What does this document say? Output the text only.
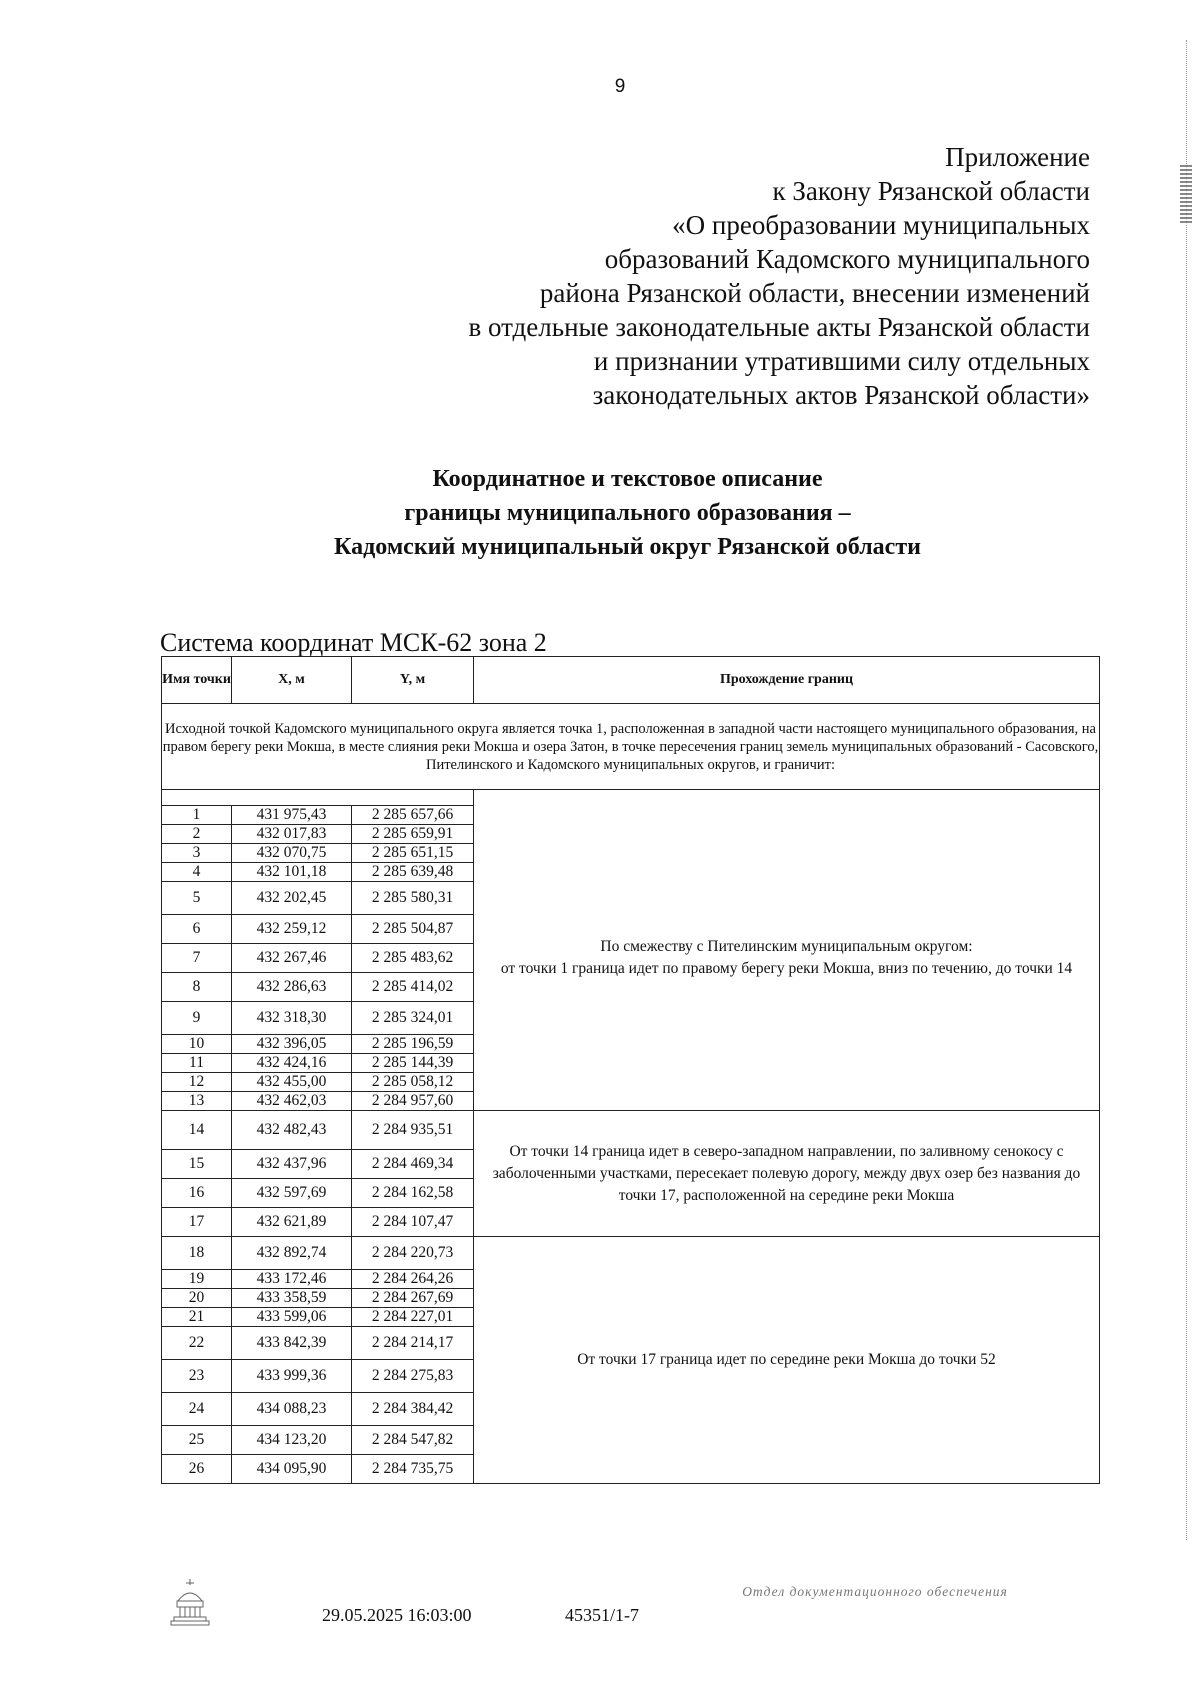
9
Приложение
к Закону Рязанской области
«О преобразовании муниципальных
образований Кадомского муниципального
района Рязанской области, внесении изменений
в отдельные законодательные акты Рязанской области
и признании утратившими силу отдельных
законодательных актов Рязанской области»
Координатное и текстовое описание
границы муниципального образования –
Кадомский муниципальный округ Рязанской области
Система координат МСК-62 зона 2
Имя точки	X, м	Y, м	Прохождение границ
Исходной точкой Кадомского муниципального округа является точка 1, расположенная в западной части настоящего муниципального образования, на правом берегу реки Мокша, в месте слияния реки Мокша и озера Затон, в точке пересечения границ земель муниципальных образований - Сасовского, Пителинского и Кадомского муниципальных округов, и граничит:			

1	431 975,43	2 285 657,66	По смежеству с Пителинским муниципальным округом:
от точки 1 граница идет по правому берегу реки Мокша, вниз по течению, до точки 14
2	432 017,83	2 285 659,91	
3	432 070,75	2 285 651,15	
4	432 101,18	2 285 639,48	
5	432 202,45	2 285 580,31	
6	432 259,12	2 285 504,87	
7	432 267,46	2 285 483,62	
8	432 286,63	2 285 414,02	
9	432 318,30	2 285 324,01	
10	432 396,05	2 285 196,59	
11	432 424,16	2 285 144,39	
12	432 455,00	2 285 058,12	
13	432 462,03	2 284 957,60	
14	432 482,43	2 284 935,51	От точки 14 граница идет в северо-западном направлении, по заливному сенокосу с заболоченными участками, пересекает полевую дорогу, между двух озер без названия до точки 17, расположенной на середине реки Мокша
15	432 437,96	2 284 469,34	
16	432 597,69	2 284 162,58	
17	432 621,89	2 284 107,47	
18	432 892,74	2 284 220,73	От точки 17 граница идет по середине реки Мокша до точки 52
19	433 172,46	2 284 264,26	
20	433 358,59	2 284 267,69	
21	433 599,06	2 284 227,01	
22	433 842,39	2 284 214,17	
23	433 999,36	2 284 275,83	
24	434 088,23	2 284 384,42	
25	434 123,20	2 284 547,82	
26	434 095,90	2 284 735,75	
29.05.2025 16:03:00	45351/1-7
Отдел документационного обеспечения
